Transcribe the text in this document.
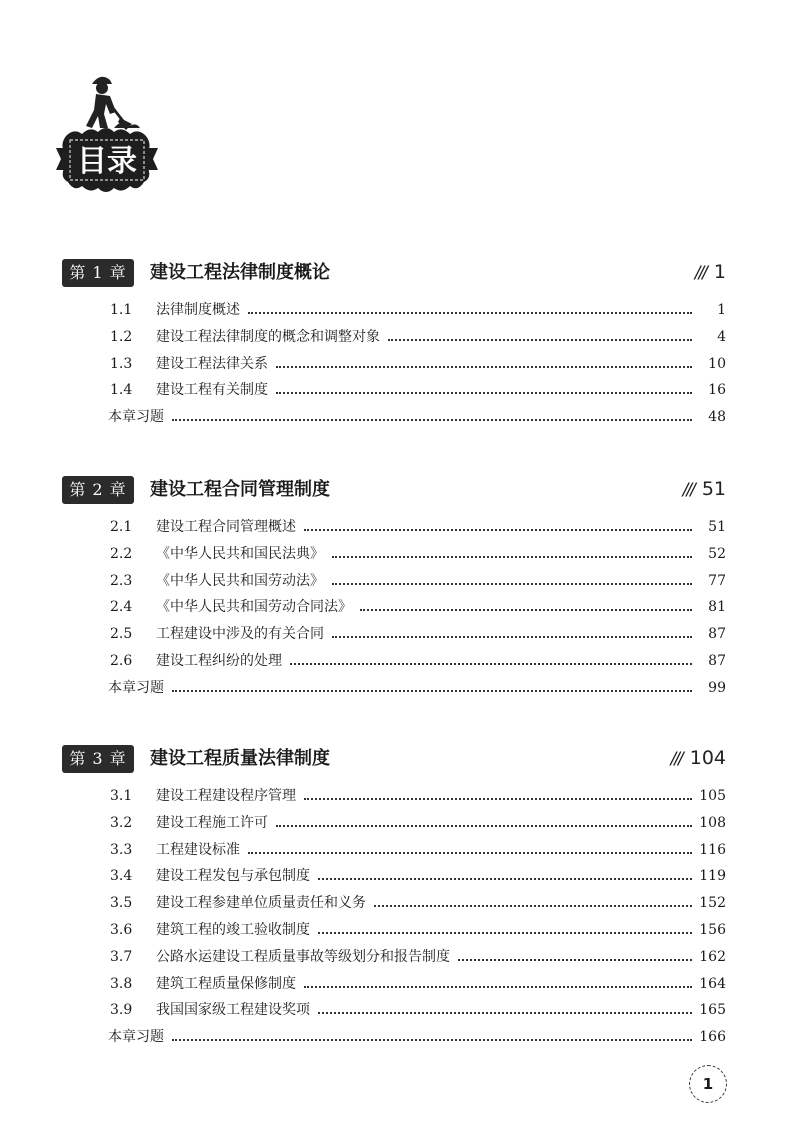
目录
第 1 章	建设工程法律制度概论	/// 1
1.1	法律制度概述	1
1.2	建设工程法律制度的概念和调整对象	4
1.3	建设工程法律关系	10
1.4	建设工程有关制度	16
本章习题	48
第 2 章	建设工程合同管理制度	/// 51
2.1	建设工程合同管理概述	51
2.2	《中华人民共和国民法典》	52
2.3	《中华人民共和国劳动法》	77
2.4	《中华人民共和国劳动合同法》	81
2.5	工程建设中涉及的有关合同	87
2.6	建设工程纠纷的处理	87
本章习题	99
第 3 章	建设工程质量法律制度	/// 104
3.1	建设工程建设程序管理	105
3.2	建设工程施工许可	108
3.3	工程建设标准	116
3.4	建设工程发包与承包制度	119
3.5	建设工程参建单位质量责任和义务	152
3.6	建筑工程的竣工验收制度	156
3.7	公路水运建设工程质量事故等级划分和报告制度	162
3.8	建筑工程质量保修制度	164
3.9	我国国家级工程建设奖项	165
本章习题	166
1
